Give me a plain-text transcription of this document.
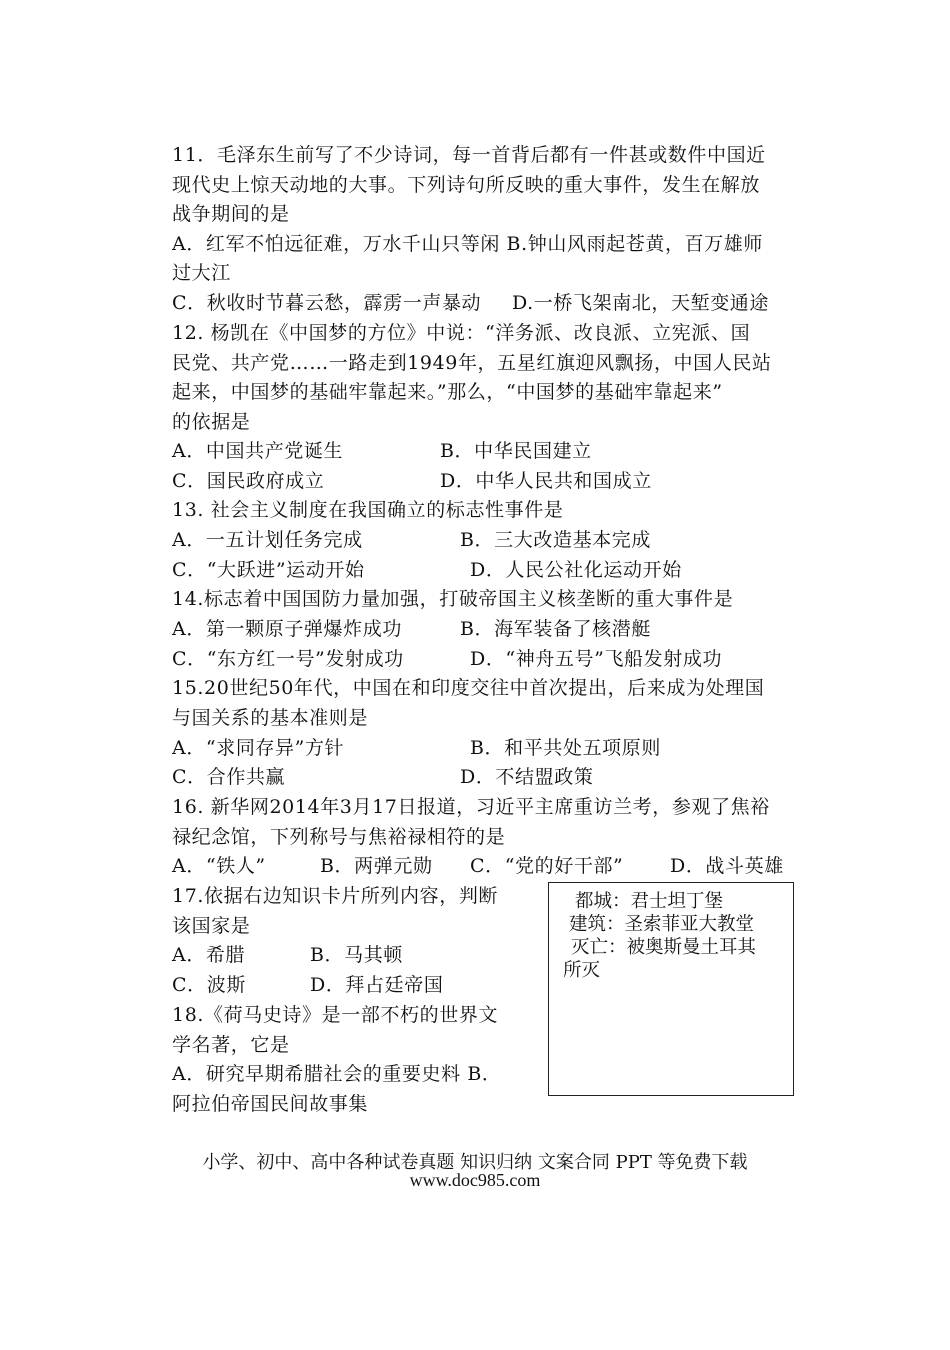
11．毛泽东生前写了不少诗词，每一首背后都有一件甚或数件中国近
现代史上惊天动地的大事。下列诗句所反映的重大事件，发生在解放
战争期间的是
A．红军不怕远征难，万水千山只等闲 B.钟山风雨起苍黄，百万雄师
过大江
C．秋收时节暮云愁，霹雳一声暴动 D.一桥飞架南北，天堑变通途
12. 杨凯在《中国梦的方位》中说：“洋务派、改良派、立宪派、国
民党、共产党……一路走到1949年，五星红旗迎风飘扬，中国人民站
起来，中国梦的基础牢靠起来。”那么，“中国梦的基础牢靠起来”
的依据是
A．中国共产党诞生	B．中华民国建立
C．国民政府成立	D．中华人民共和国成立
13. 社会主义制度在我国确立的标志性事件是
A．一五计划任务完成	B．三大改造基本完成
C．“大跃进”运动开始	D．人民公社化运动开始
14.标志着中国国防力量加强，打破帝国主义核垄断的重大事件是
A．第一颗原子弹爆炸成功	B．海军装备了核潜艇
C．“东方红一号”发射成功	D．“神舟五号”飞船发射成功
15.20世纪50年代，中国在和印度交往中首次提出，后来成为处理国
与国关系的基本准则是
A．“求同存异”方针	B．和平共处五项原则
C．合作共赢	D．不结盟政策
16. 新华网2014年3月17日报道，习近平主席重访兰考，参观了焦裕
禄纪念馆，下列称号与焦裕禄相符的是
A．“铁人”	B．两弹元勋 C．“党的好干部” D．战斗英雄
17.依据右边知识卡片所列内容，判断
该国家是
A．希腊	B．马其顿
C．波斯	D．拜占廷帝国
18.《荷马史诗》是一部不朽的世界文
学名著，它是
A．研究早期希腊社会的重要史料 B．
阿拉伯帝国民间故事集
都城：君士坦丁堡
建筑：圣索菲亚大教堂
灭亡：被奥斯曼土耳其
所灭
小学、初中、高中各种试卷真题 知识归纳 文案合同 PPT 等免费下载
www.doc985.com
